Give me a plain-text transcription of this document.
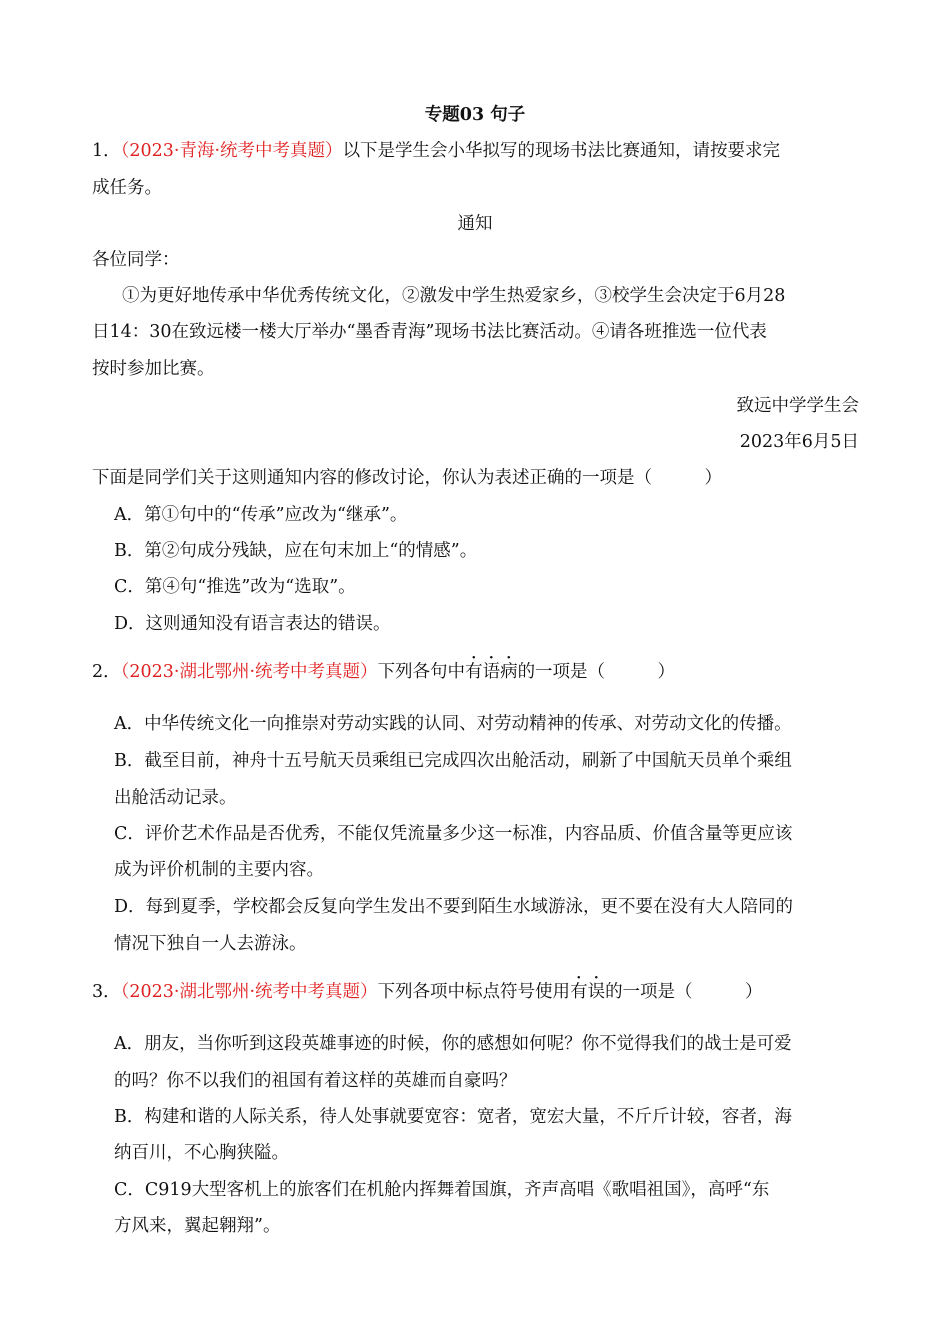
专题03 句子
1．（2023·青海·统考中考真题）以下是学生会小华拟写的现场书法比赛通知，请按要求完
成任务。
通知
各位同学：
①为更好地传承中华优秀传统文化，②激发中学生热爱家乡，③校学生会决定于6月28
日14：30在致远楼一楼大厅举办“墨香青海”现场书法比赛活动。④请各班推选一位代表
按时参加比赛。
致远中学学生会
2023年6月5日
下面是同学们关于这则通知内容的修改讨论，你认为表述正确的一项是（　　　）
A．第①句中的“传承”应改为“继承”。
B．第②句成分残缺，应在句末加上“的情感”。
C．第④句“推选”改为“选取”。
D．这则通知没有语言表达的错误。
2．（2023·湖北鄂州·统考中考真题）下列各句中有语病的一项是（　　　）
A．中华传统文化一向推崇对劳动实践的认同、对劳动精神的传承、对劳动文化的传播。
B．截至目前，神舟十五号航天员乘组已完成四次出舱活动，刷新了中国航天员单个乘组
出舱活动记录。
C．评价艺术作品是否优秀，不能仅凭流量多少这一标准，内容品质、价值含量等更应该
成为评价机制的主要内容。
D．每到夏季，学校都会反复向学生发出不要到陌生水域游泳，更不要在没有大人陪同的
情况下独自一人去游泳。
3．（2023·湖北鄂州·统考中考真题）下列各项中标点符号使用有误的一项是（　　　）
A．朋友，当你听到这段英雄事迹的时候，你的感想如何呢？你不觉得我们的战士是可爱
的吗？你不以我们的祖国有着这样的英雄而自豪吗？
B．构建和谐的人际关系，待人处事就要宽容：宽者，宽宏大量，不斤斤计较，容者，海
纳百川，不心胸狭隘。
C．C919大型客机上的旅客们在机舱内挥舞着国旗，齐声高唱《歌唱祖国》，高呼“东
方风来，翼起翱翔”。
